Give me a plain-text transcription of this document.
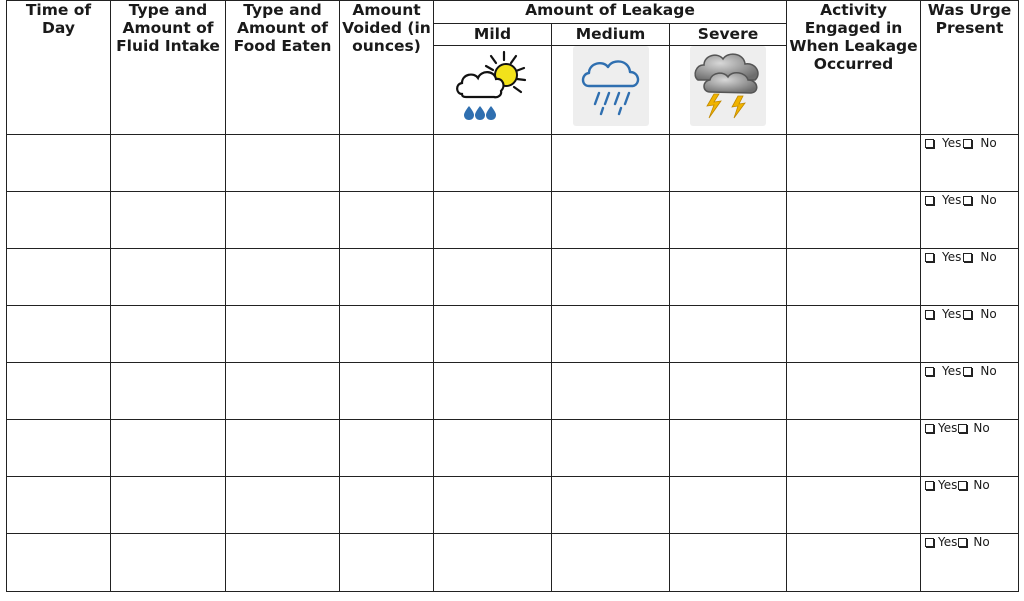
Time of Day	Type and Amount of Fluid Intake	Type and Amount of Food Eaten	Amount Voided (in ounces)	Amount of Leakage			Activity Engaged in When Leakage Occurred	Was Urge Present
				Mild	Medium	Severe		

								Yes No

								Yes No

								Yes No

								Yes No

								Yes No

								Yes No

								Yes No

								Yes No
